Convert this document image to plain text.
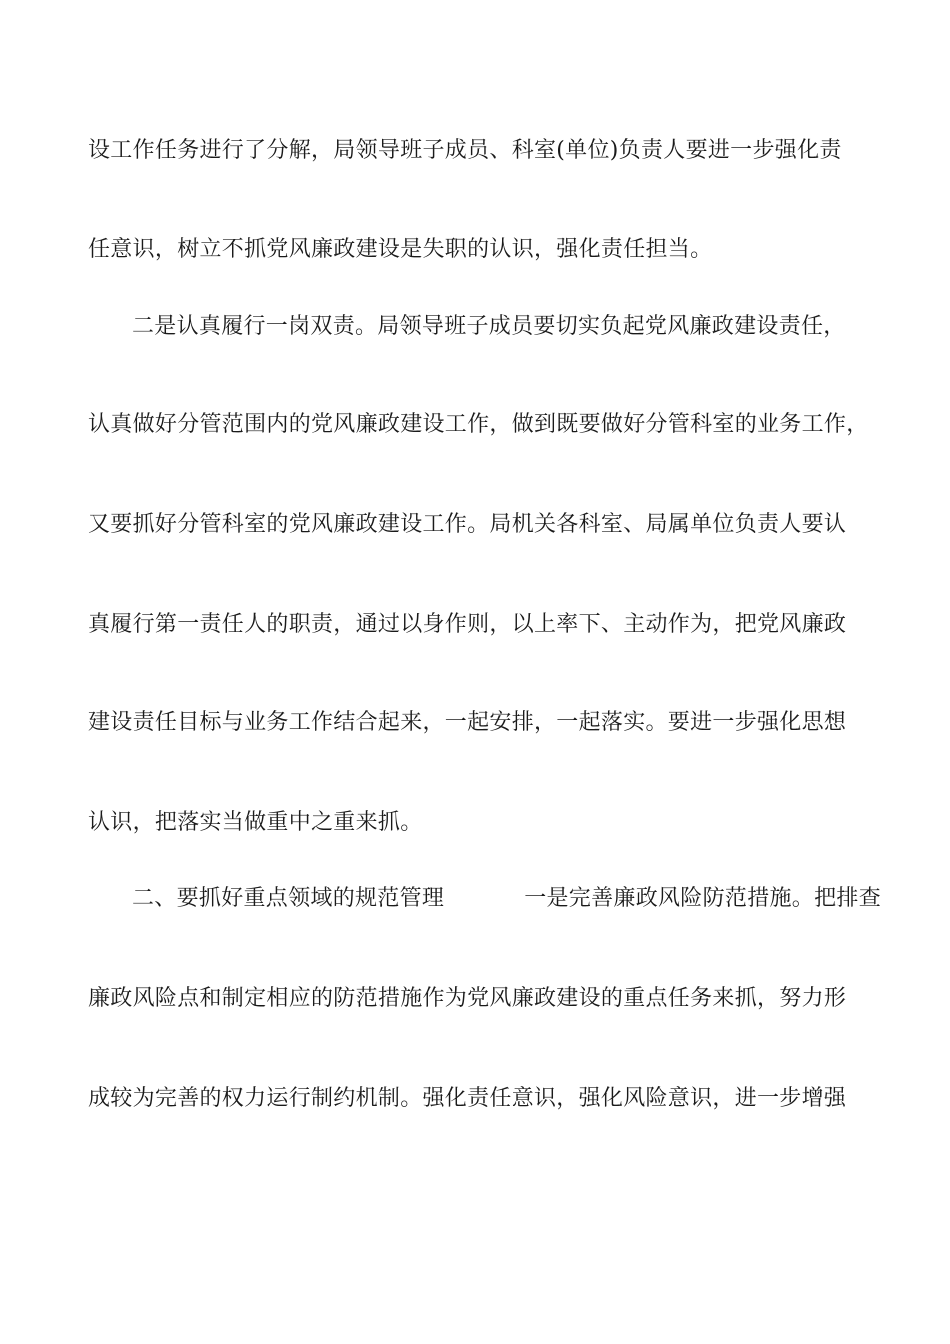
设工作任务进行了分解，局领导班子成员、科室(单位)负责人要进一步强化责
任意识，树立不抓党风廉政建设是失职的认识，强化责任担当。
二是认真履行一岗双责。局领导班子成员要切实负起党风廉政建设责任，
认真做好分管范围内的党风廉政建设工作，做到既要做好分管科室的业务工作，
又要抓好分管科室的党风廉政建设工作。局机关各科室、局属单位负责人要认
真履行第一责任人的职责，通过以身作则，以上率下、主动作为，把党风廉政
建设责任目标与业务工作结合起来，一起安排，一起落实。要进一步强化思想
认识，把落实当做重中之重来抓。
二、要抓好重点领域的规范管理	一是完善廉政风险防范措施。把排查
廉政风险点和制定相应的防范措施作为党风廉政建设的重点任务来抓，努力形
成较为完善的权力运行制约机制。强化责任意识，强化风险意识，进一步增强
